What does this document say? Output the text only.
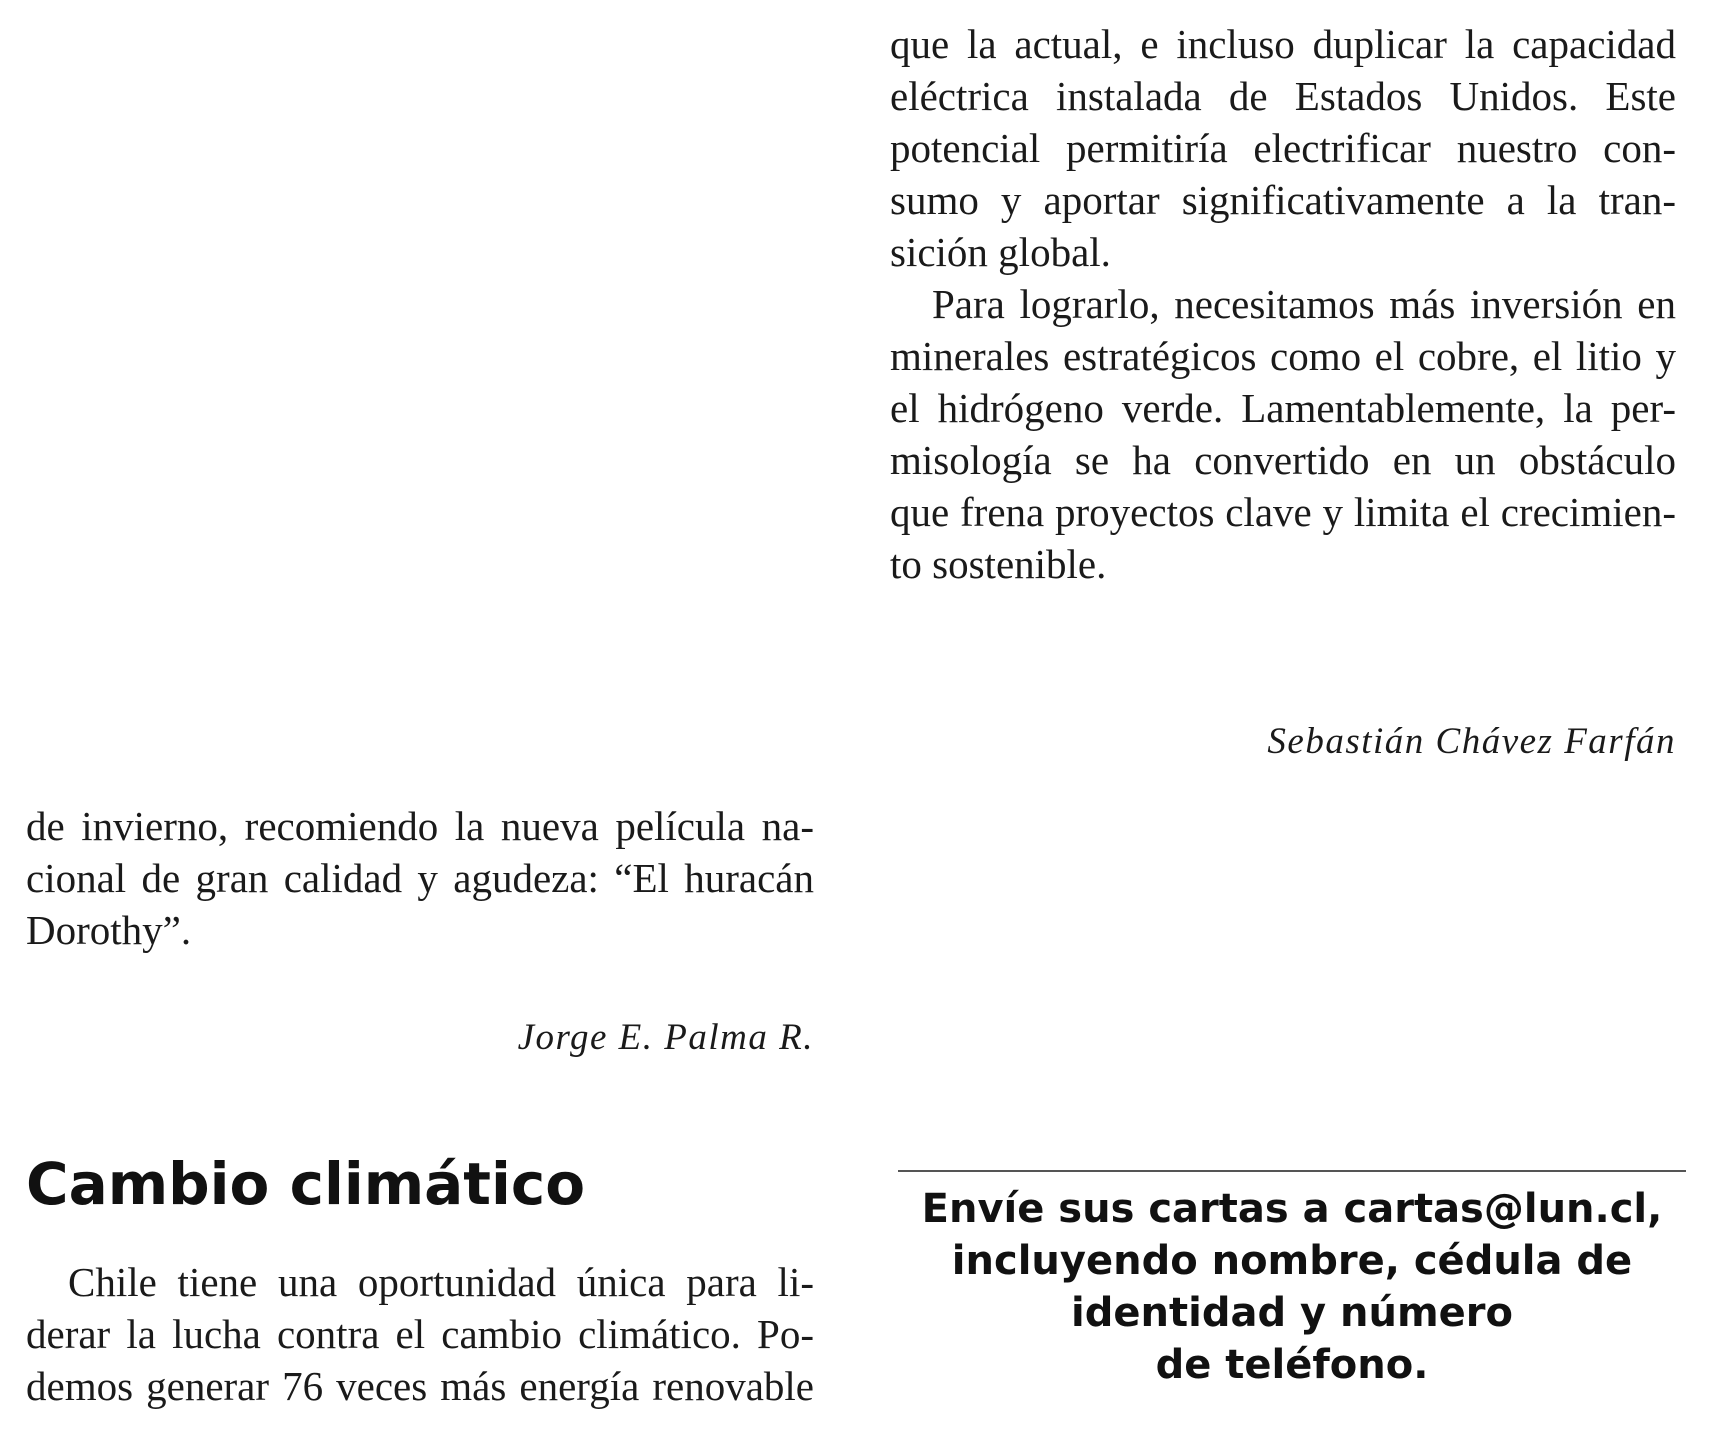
que la actual, e incluso duplicar la capacidad
eléctrica instalada de Estados Unidos. Este
potencial permitiría electrificar nuestro con-
sumo y aportar significativamente a la tran-
sición global.
Para lograrlo, necesitamos más inversión en
minerales estratégicos como el cobre, el litio y
el hidrógeno verde. Lamentablemente, la per-
misología se ha convertido en un obstáculo
que frena proyectos clave y limita el crecimien-
to sostenible.
Sebastián Chávez Farfán
de invierno, recomiendo la nueva película na-
cional de gran calidad y agudeza: “El huracán
Dorothy”.
Jorge E. Palma R.
Cambio climático
Chile tiene una oportunidad única para li-
derar la lucha contra el cambio climático. Po-
demos generar 76 veces más energía renovable
Envíe sus cartas a cartas@lun.cl,
incluyendo nombre, cédula de
identidad y número
de teléfono.
